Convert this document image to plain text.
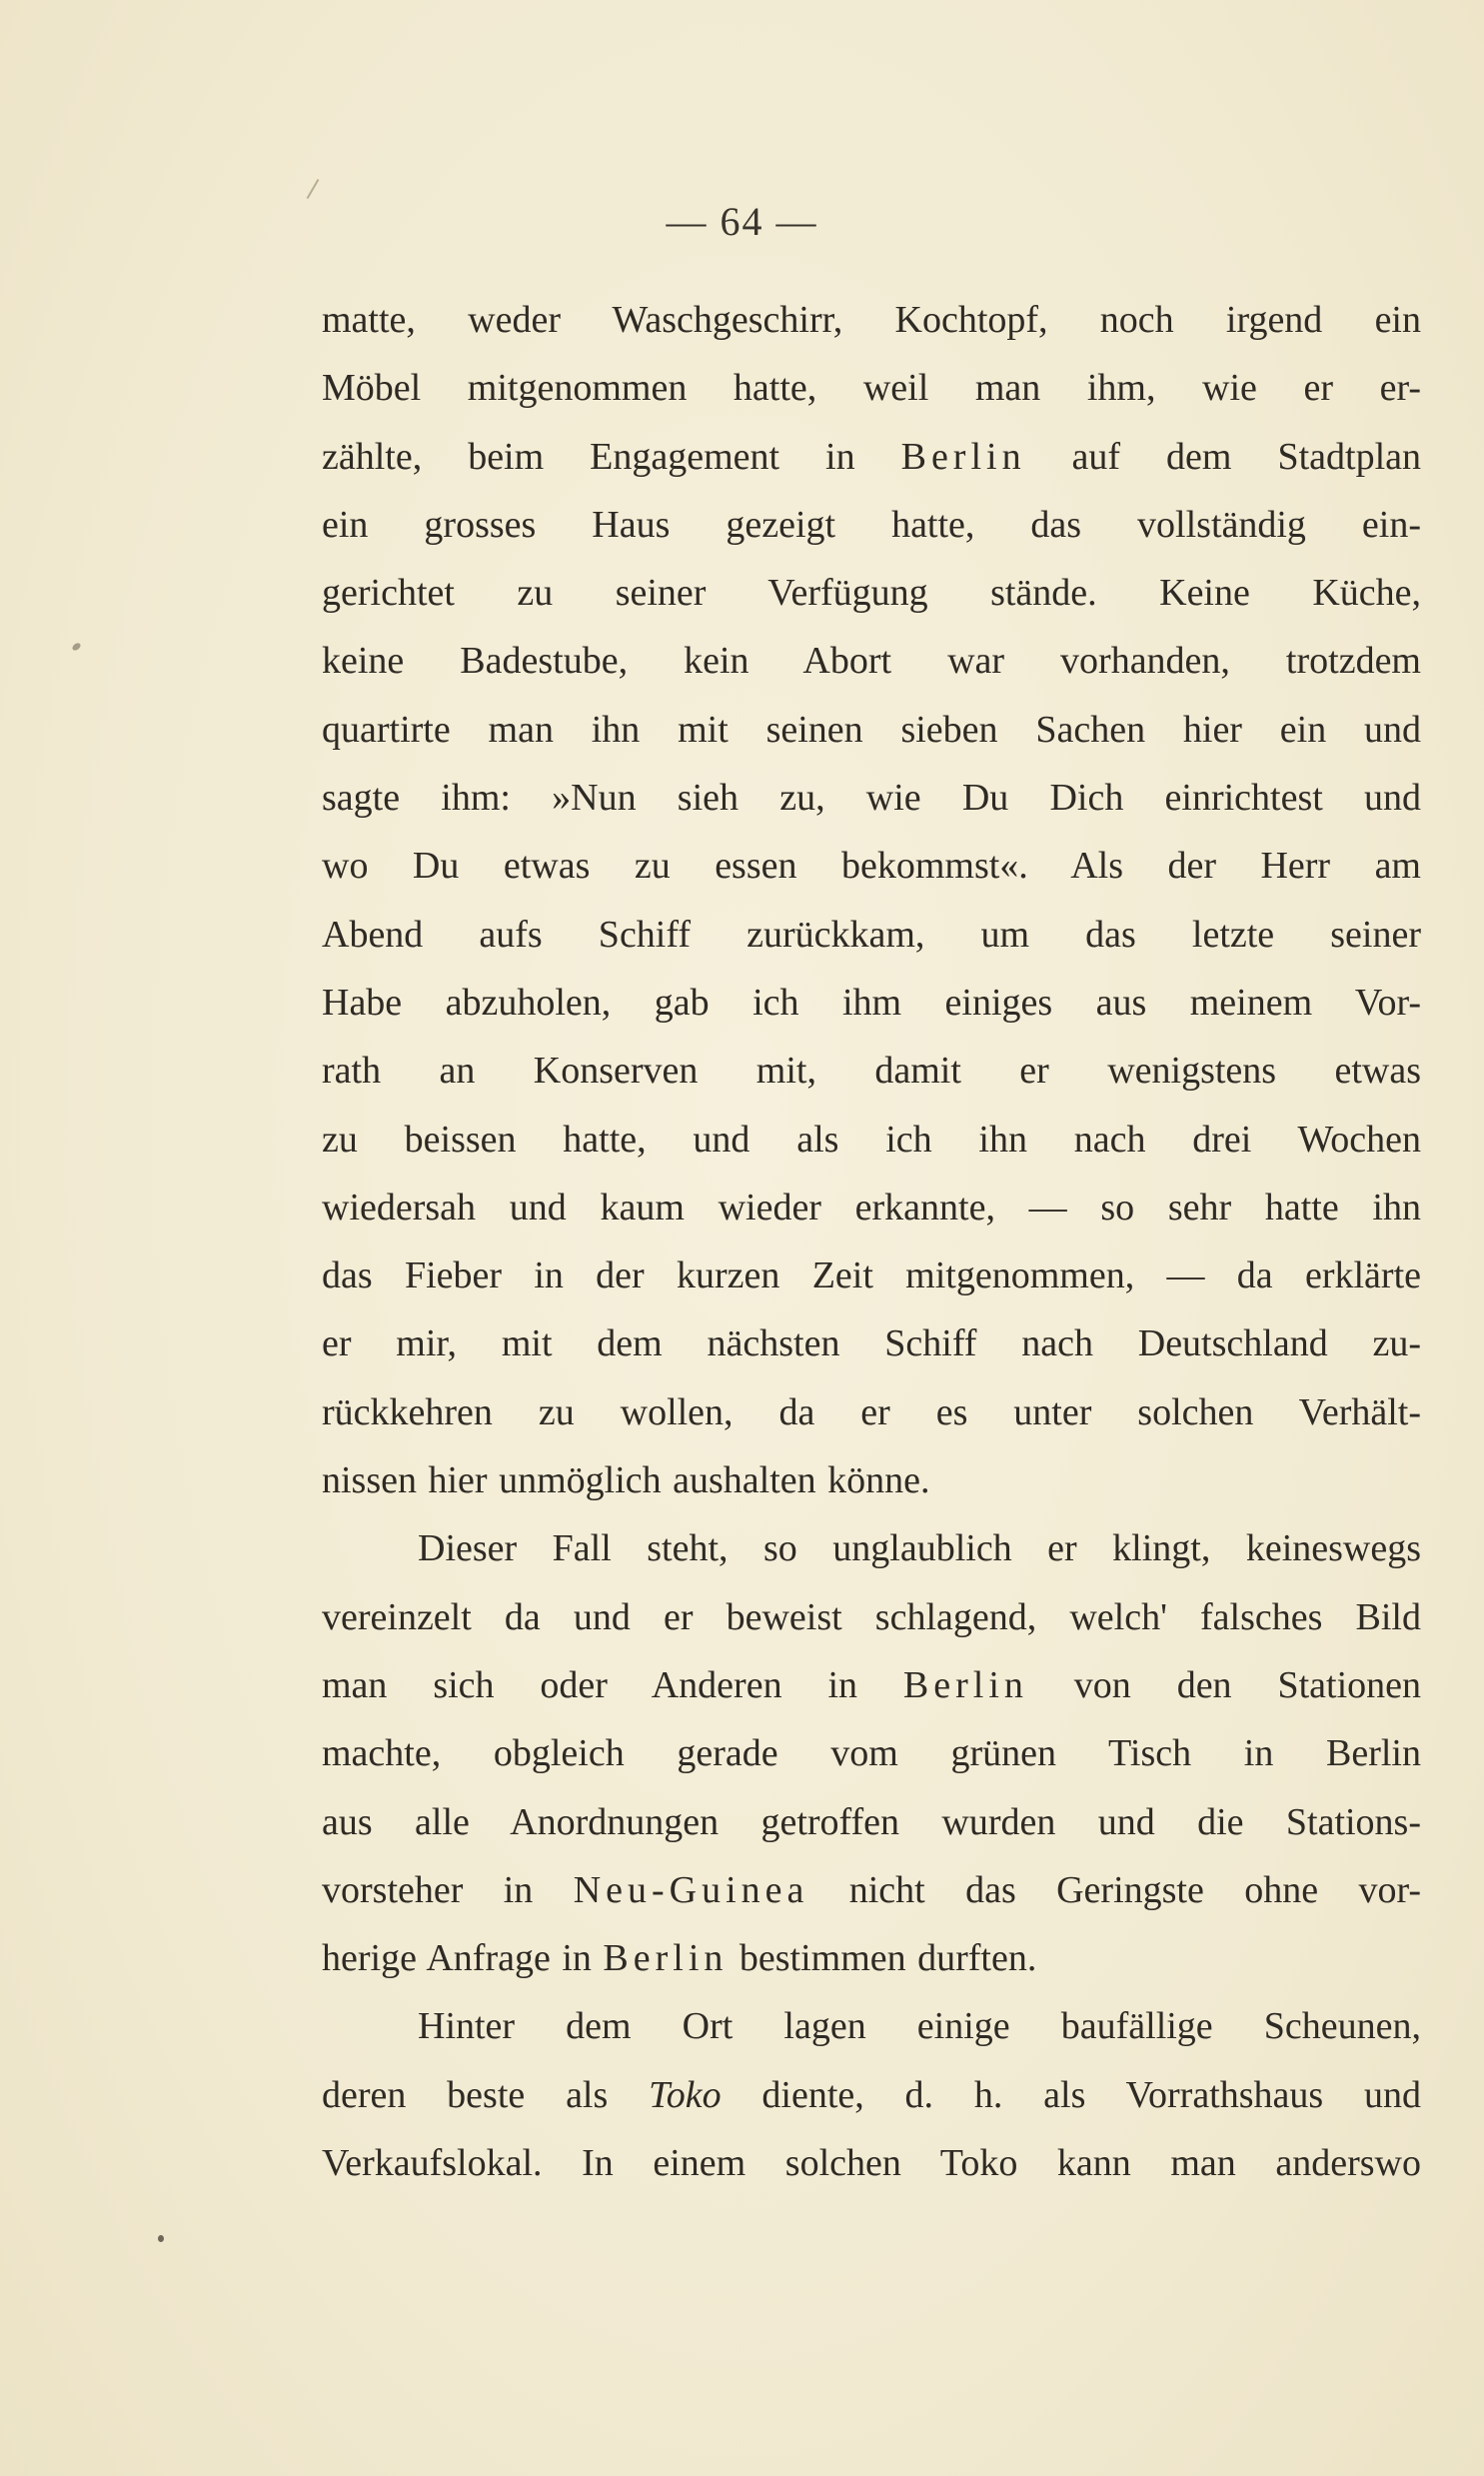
— 64 —
matte, weder Waschgeschirr, Kochtopf, noch irgend ein
Möbel mitgenommen hatte, weil man ihm, wie er er-
zählte, beim Engagement in Berlin auf dem Stadtplan
ein grosses Haus gezeigt hatte, das vollständig ein-
gerichtet zu seiner Verfügung stände. Keine Küche,
keine Badestube, kein Abort war vorhanden, trotzdem
quartirte man ihn mit seinen sieben Sachen hier ein und
sagte ihm: »Nun sieh zu, wie Du Dich einrichtest und
wo Du etwas zu essen bekommst«. Als der Herr am
Abend aufs Schiff zurückkam, um das letzte seiner
Habe abzuholen, gab ich ihm einiges aus meinem Vor-
rath an Konserven mit, damit er wenigstens etwas
zu beissen hatte, und als ich ihn nach drei Wochen
wiedersah und kaum wieder erkannte, — so sehr hatte ihn
das Fieber in der kurzen Zeit mitgenommen, — da erklärte
er mir, mit dem nächsten Schiff nach Deutschland zu-
rückkehren zu wollen, da er es unter solchen Verhält-
nissen hier unmöglich aushalten könne.
Dieser Fall steht, so unglaublich er klingt, keineswegs
vereinzelt da und er beweist schlagend, welch' falsches Bild
man sich oder Anderen in Berlin von den Stationen
machte, obgleich gerade vom grünen Tisch in Berlin
aus alle Anordnungen getroffen wurden und die Stations-
vorsteher in Neu-Guinea nicht das Geringste ohne vor-
herige Anfrage in Berlin bestimmen durften.
Hinter dem Ort lagen einige baufällige Scheunen,
deren beste als Toko diente, d. h. als Vorrathshaus und
Verkaufslokal. In einem solchen Toko kann man anderswo
